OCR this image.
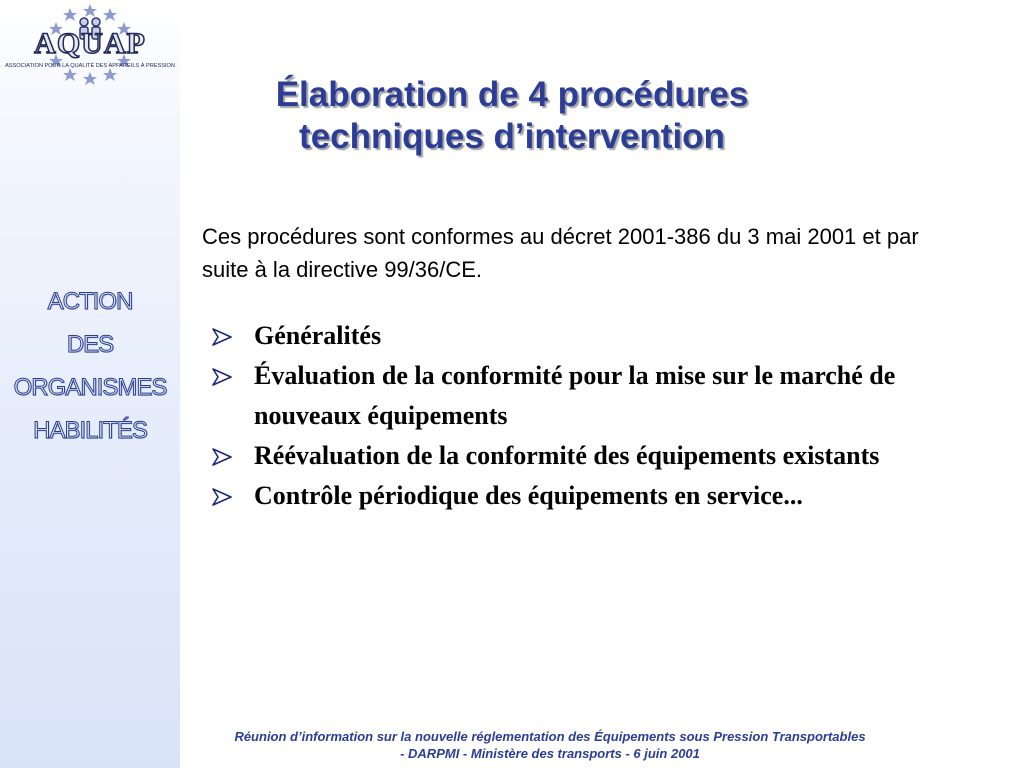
AQUAP
ASSOCIATION POUR LA QUALITÉ DES APPAREILS À PRESSION
ACTION
DES
ORGANISMES
HABILITÉS
Élaboration de 4 procédures
techniques d’intervention
Ces procédures sont conformes au décret 2001-386 du 3 mai 2001 et par suite à la directive 99/36/CE.
Généralités
Évaluation de la conformité pour la mise sur le marché de nouveaux équipements
Réévaluation de la conformité des équipements existants
Contrôle périodique des équipements en service...
Réunion d’information sur la nouvelle réglementation des Équipements sous Pression Transportables
- DARPMI - Ministère des transports - 6 juin 2001
